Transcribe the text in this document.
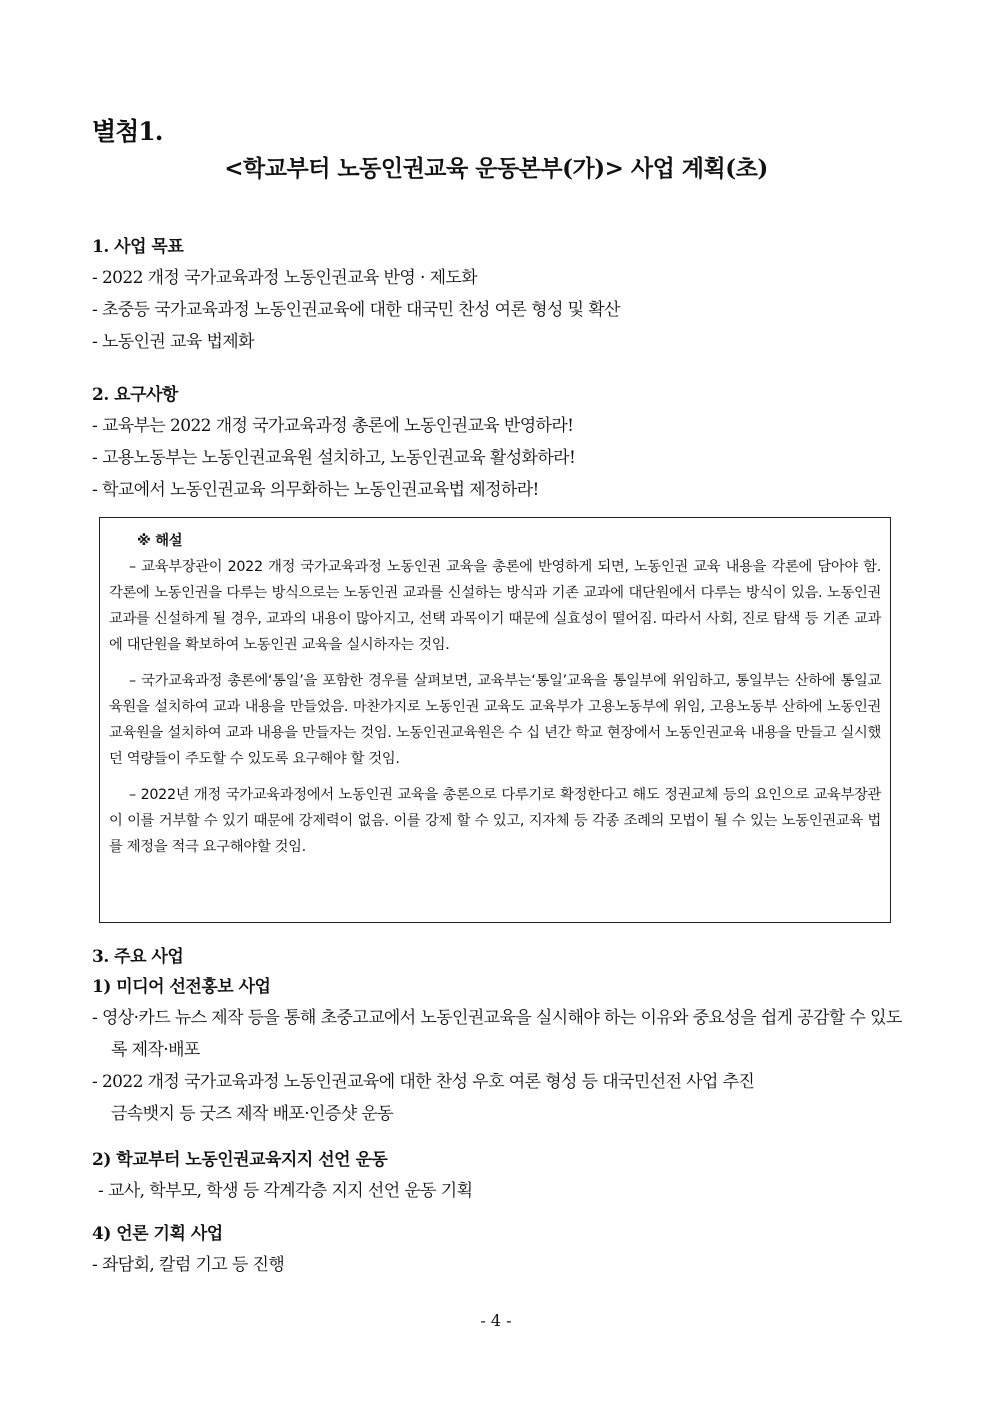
별첨1.
<학교부터 노동인권교육 운동본부(가)> 사업 계획(초)
1. 사업 목표
- 2022 개정 국가교육과정 노동인권교육 반영 · 제도화
- 초중등 국가교육과정 노동인권교육에 대한 대국민 찬성 여론 형성 및 확산
- 노동인권 교육 법제화
2. 요구사항
- 교육부는 2022 개정 국가교육과정 총론에 노동인권교육 반영하라!
- 고용노동부는 노동인권교육원 설치하고, 노동인권교육 활성화하라!
- 학교에서 노동인권교육 의무화하는 노동인권교육법 제정하라!
※ 해설

– 교육부장관이 2022 개정 국가교육과정 노동인권 교육을 총론에 반영하게 되면, 노동인권 교육 내용을 각론에 담아야 함. 각론에 노동인권을 다루는 방식으로는 노동인권 교과를 신설하는 방식과 기존 교과에 대단원에서 다루는 방식이 있음. 노동인권 교과를 신설하게 될 경우, 교과의 내용이 많아지고, 선택 과목이기 때문에 실효성이 떨어짐. 따라서 사회, 진로 탐색 등 기존 교과에 대단원을 확보하여 노동인권 교육을 실시하자는 것임.

– 국가교육과정 총론에‘통일’을 포함한 경우를 살펴보면, 교육부는‘통일’교육을 통일부에 위임하고, 통일부는 산하에 통일교육원을 설치하여 교과 내용을 만들었음. 마찬가지로 노동인권 교육도 교육부가 고용노동부에 위임, 고용노동부 산하에 노동인권교육원을 설치하여 교과 내용을 만들자는 것임. 노동인권교육원은 수 십 년간 학교 현장에서 노동인권교육 내용을 만들고 실시했던 역량들이 주도할 수 있도록 요구해야 할 것임.

– 2022년 개정 국가교육과정에서 노동인권 교육을 총론으로 다루기로 확정한다고 해도 정권교체 등의 요인으로 교육부장관이 이를 거부할 수 있기 때문에 강제력이 없음. 이를 강제 할 수 있고, 지자체 등 각종 조례의 모법이 될 수 있는 노동인권교육 법를 제정을 적극 요구해야할 것임.

3. 주요 사업
1) 미디어 선전홍보 사업
- 영상·카드 뉴스 제작 등을 통해 초중고교에서 노동인권교육을 실시해야 하는 이유와 중요성을 쉽게 공감할 수 있도록 제작·배포
- 2022 개정 국가교육과정 노동인권교육에 대한 찬성 우호 여론 형성 등 대국민선전 사업 추진
금속뱃지 등 굿즈 제작 배포·인증샷 운동
2) 학교부터 노동인권교육지지 선언 운동
- 교사, 학부모, 학생 등 각계각층 지지 선언 운동 기획
4) 언론 기획 사업
- 좌담회, 칼럼 기고 등 진행
- 4 -
